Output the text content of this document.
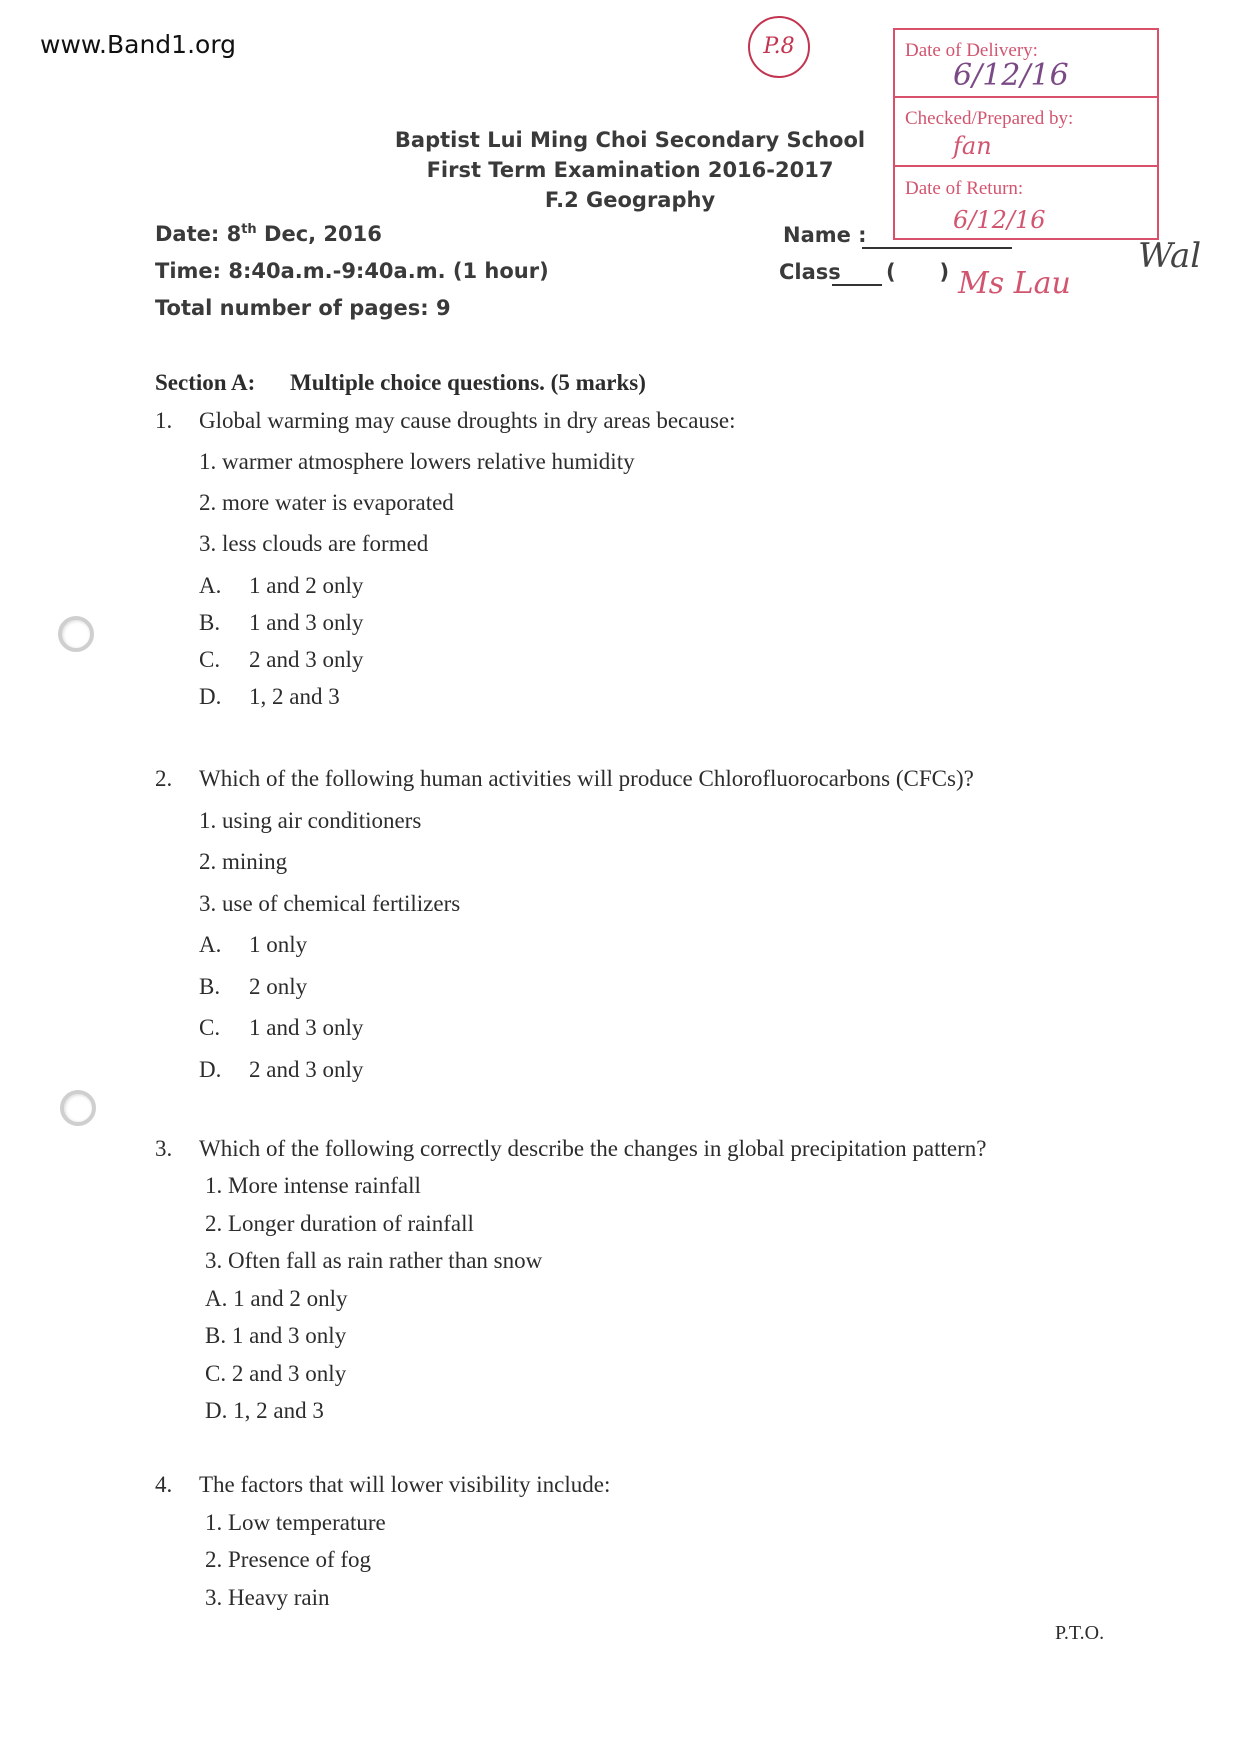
www.Band1.org	P.8
Baptist Lui Ming Choi Secondary School
First Term Examination 2016-2017
F.2 Geography
Date: 8th Dec, 2016
Time: 8:40a.m.-9:40a.m. (1 hour)
Total number of pages: 9
Name :
Class (      )
Date of Delivery:
6/12/16
Checked/Prepared by:
fan
Date of Return:
6/12/16
Ms Lau
Wal
Section A: Multiple choice questions. (5 marks)
1. Global warming may cause droughts in dry areas because:
1. warmer atmosphere lowers relative humidity
2. more water is evaporated
3. less clouds are formed
A. 1 and 2 only
B. 1 and 3 only
C. 2 and 3 only
D. 1, 2 and 3
2. Which of the following human activities will produce Chlorofluorocarbons (CFCs)?
1. using air conditioners
2. mining
3. use of chemical fertilizers
A. 1 only
B. 2 only
C. 1 and 3 only
D. 2 and 3 only
3. Which of the following correctly describe the changes in global precipitation pattern?
1. More intense rainfall
2. Longer duration of rainfall
3. Often fall as rain rather than snow
A. 1 and 2 only
B. 1 and 3 only
C. 2 and 3 only
D. 1, 2 and 3
4. The factors that will lower visibility include:
1. Low temperature
2. Presence of fog
3. Heavy rain
P.T.O.
